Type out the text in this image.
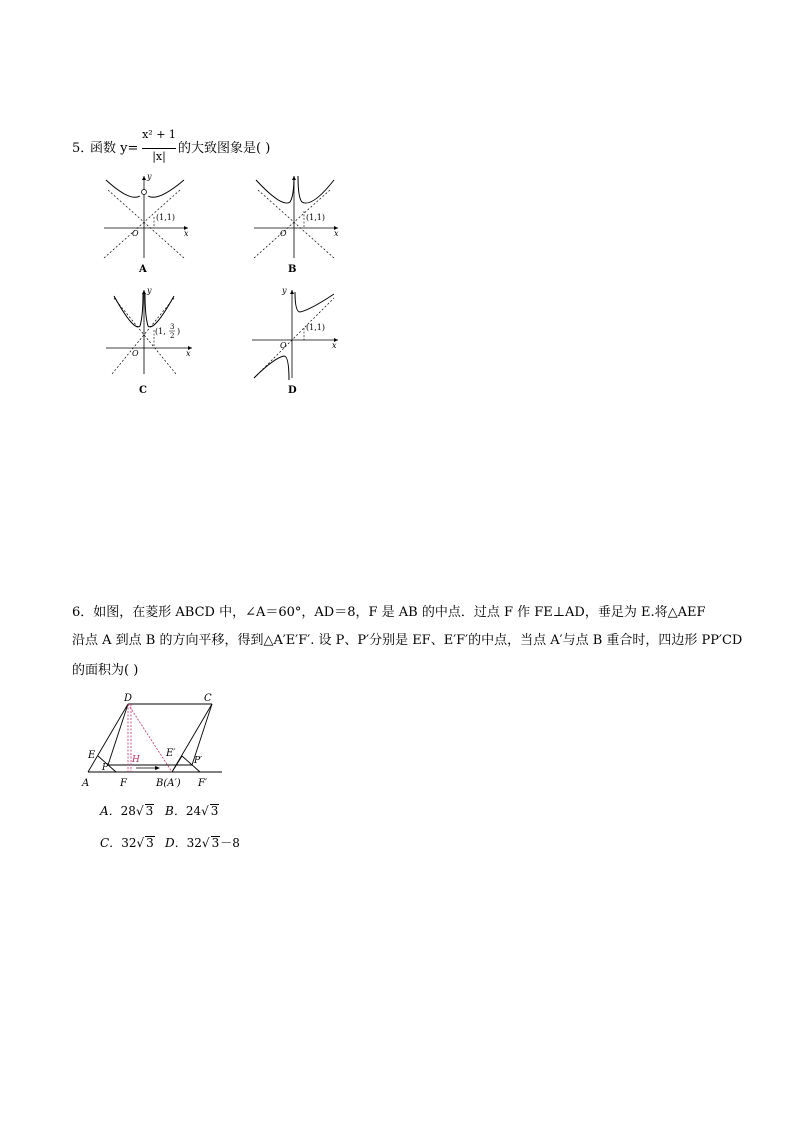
5．
函数 y=
x² + 1
|x|
的大致图象是( )
x
y
O
(1,1)
A
x
O
(1,1)
B
x
y
O
(1, 3
2 )
C
x
y
O
(1,1)
D
6．如图，在菱形 ABCD 中，∠A＝60°，AD＝8，F 是 AB 的中点．过点 F 作 FE⊥AD，垂足为 E.将△AEF
沿点 A 到点 B 的方向平移，得到△A′E′F′. 设 P、P′分别是 EF、E′F′的中点，当点 A′与点 B 重合时，四边形 PP′CD
的面积为( )
D	C
E
P
H
E′
P′
A	F	B(A′) F′
A．28√ 3 B．24√ 3
C．32√ 3 D．32√ 3－8
